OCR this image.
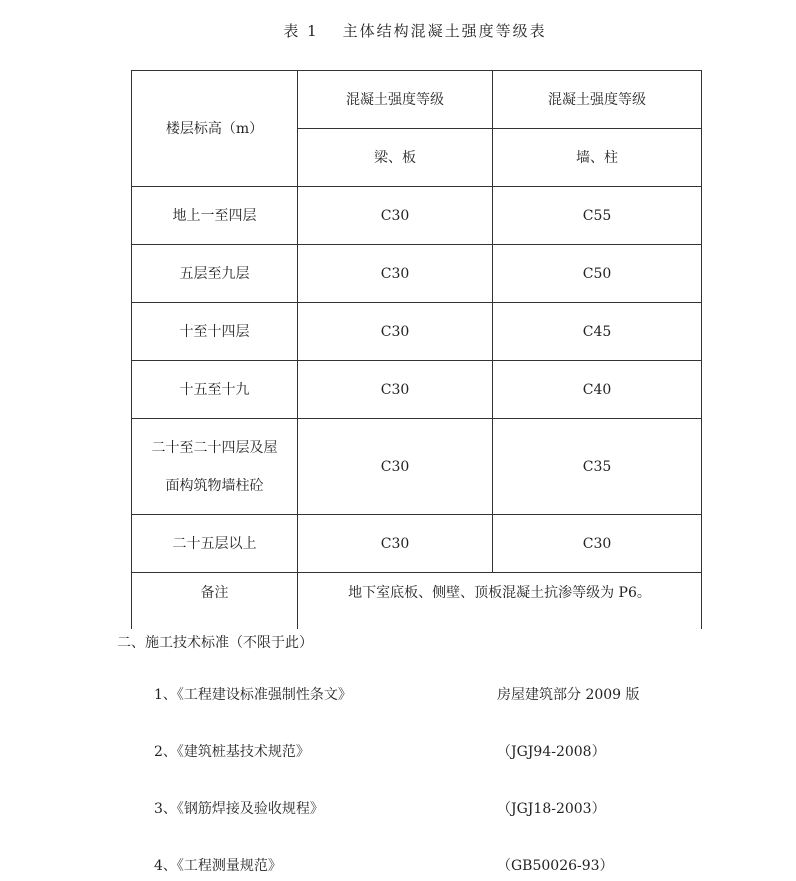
表 1 主体结构混凝土强度等级表
楼层标高（m）	混凝土强度等级	混凝土强度等级
	梁、板	墙、柱
地上一至四层	C30	C55
五层至九层	C30	C50
十至十四层	C30	C45
十五至十九	C30	C40

二十至二十四层及屋
面构筑物墙柱砼	C30	C35
二十五层以上	C30	C30
备注	地下室底板、侧壁、顶板混凝土抗渗等级为 P6。	
二、施工技术标准（不限于此）
1、《工程建设标准强制性条文》	房屋建筑部分 2009 版
2、《建筑桩基技术规范》	（JGJ94-2008）
3、《钢筋焊接及验收规程》	（JGJ18-2003）
4、《工程测量规范》	（GB50026-93）
